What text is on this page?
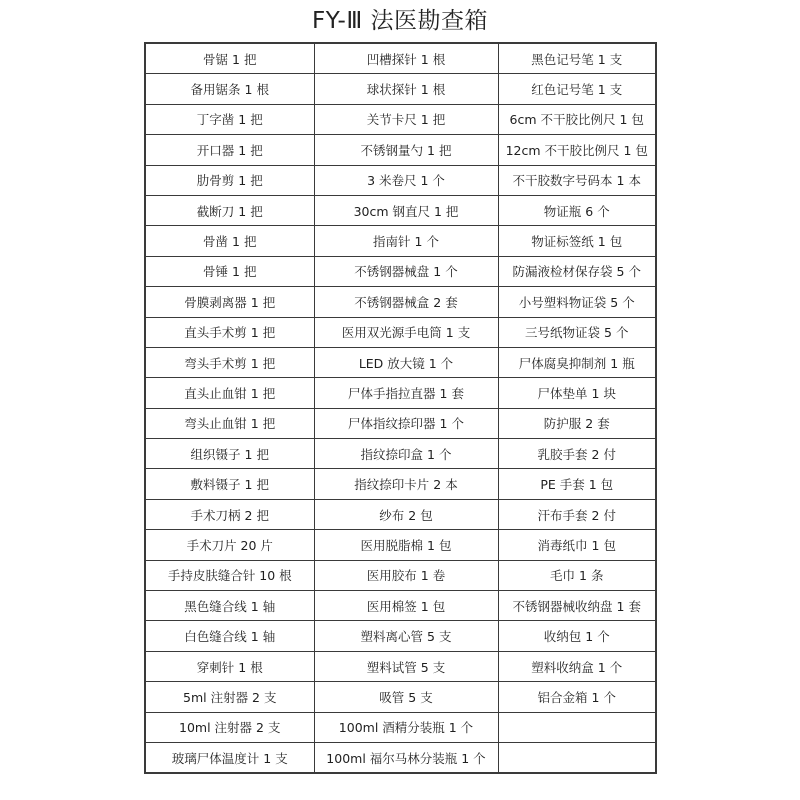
FY-Ⅲ 法医勘查箱
骨锯 1 把	凹槽探针 1 根	黑色记号笔 1 支
备用锯条 1 根	球状探针 1 根	红色记号笔 1 支
丁字凿 1 把	关节卡尺 1 把	6cm 不干胶比例尺 1 包
开口器 1 把	不锈钢量勺 1 把	12cm 不干胶比例尺 1 包
肋骨剪 1 把	3 米卷尺 1 个	不干胶数字号码本 1 本
截断刀 1 把	30cm 钢直尺 1 把	物证瓶 6 个
骨凿 1 把	指南针 1 个	物证标签纸 1 包
骨锤 1 把	不锈钢器械盘 1 个	防漏液检材保存袋 5 个
骨膜剥离器 1 把	不锈钢器械盒 2 套	小号塑料物证袋 5 个
直头手术剪 1 把	医用双光源手电筒 1 支	三号纸物证袋 5 个
弯头手术剪 1 把	LED 放大镜 1 个	尸体腐臭抑制剂 1 瓶
直头止血钳 1 把	尸体手指拉直器 1 套	尸体垫单 1 块
弯头止血钳 1 把	尸体指纹捺印器 1 个	防护服 2 套
组织镊子 1 把	指纹捺印盒 1 个	乳胶手套 2 付
敷料镊子 1 把	指纹捺印卡片 2 本	PE 手套 1 包
手术刀柄 2 把	纱布 2 包	汗布手套 2 付
手术刀片 20 片	医用脱脂棉 1 包	消毒纸巾 1 包
手持皮肤缝合针 10 根	医用胶布 1 卷	毛巾 1 条
黑色缝合线 1 轴	医用棉签 1 包	不锈钢器械收纳盘 1 套
白色缝合线 1 轴	塑料离心管 5 支	收纳包 1 个
穿刺针 1 根	塑料试管 5 支	塑料收纳盒 1 个
5ml 注射器 2 支	吸管 5 支	铝合金箱 1 个
10ml 注射器 2 支	100ml 酒精分装瓶 1 个	
玻璃尸体温度计 1 支	100ml 福尔马林分装瓶 1 个	
